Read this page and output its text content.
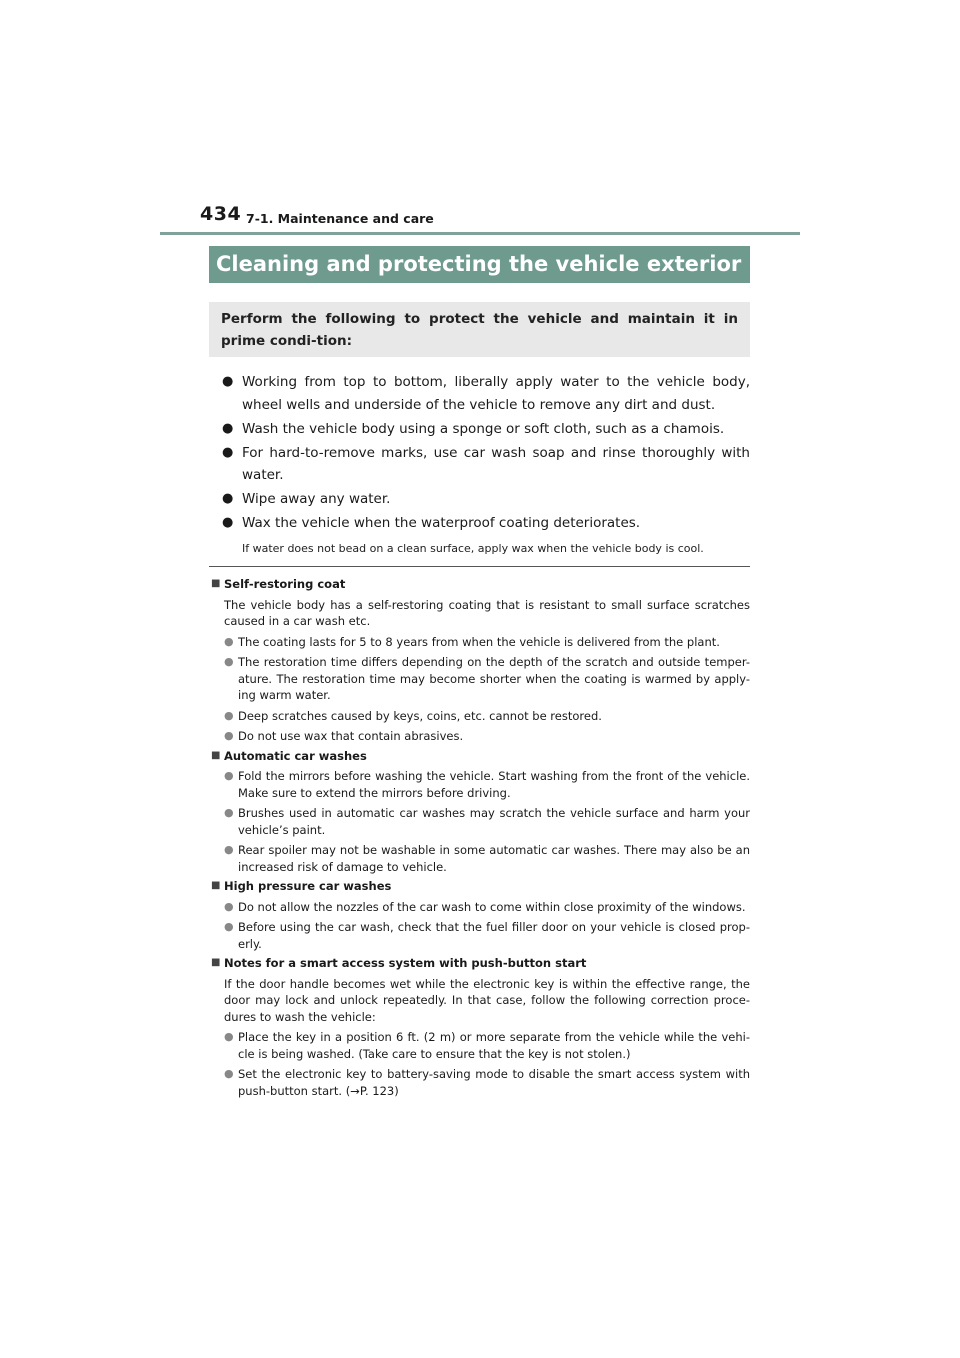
434 7-1. Maintenance and care
Cleaning and protecting the vehicle exterior
Perform the following to protect the vehicle and maintain it in prime condi-tion:
● Working from top to bottom, liberally apply water to the vehicle body, wheel wells and underside of the vehicle to remove any dirt and dust.
● Wash the vehicle body using a sponge or soft cloth, such as a chamois.
● For hard-to-remove marks, use car wash soap and rinse thoroughly with water.
● Wipe away any water.
● Wax the vehicle when the waterproof coating deteriorates.
If water does not bead on a clean surface, apply wax when the vehicle body is cool.
■ Self-restoring coat
The vehicle body has a self-restoring coating that is resistant to small surface scratches caused in a car wash etc.
● The coating lasts for 5 to 8 years from when the vehicle is delivered from the plant.
● The restoration time differs depending on the depth of the scratch and outside temper-ature. The restoration time may become shorter when the coating is warmed by apply-ing warm water.
● Deep scratches caused by keys, coins, etc. cannot be restored.
● Do not use wax that contain abrasives.
■ Automatic car washes
● Fold the mirrors before washing the vehicle. Start washing from the front of the vehicle. Make sure to extend the mirrors before driving.
● Brushes used in automatic car washes may scratch the vehicle surface and harm your vehicle’s paint.
● Rear spoiler may not be washable in some automatic car washes. There may also be an increased risk of damage to vehicle.
■ High pressure car washes
● Do not allow the nozzles of the car wash to come within close proximity of the windows.
● Before using the car wash, check that the fuel filler door on your vehicle is closed prop-erly.
■ Notes for a smart access system with push-button start
If the door handle becomes wet while the electronic key is within the effective range, the door may lock and unlock repeatedly. In that case, follow the following correction proce-dures to wash the vehicle:
● Place the key in a position 6 ft. (2 m) or more separate from the vehicle while the vehi-cle is being washed. (Take care to ensure that the key is not stolen.)
● Set the electronic key to battery-saving mode to disable the smart access system with push-button start. (→P. 123)
